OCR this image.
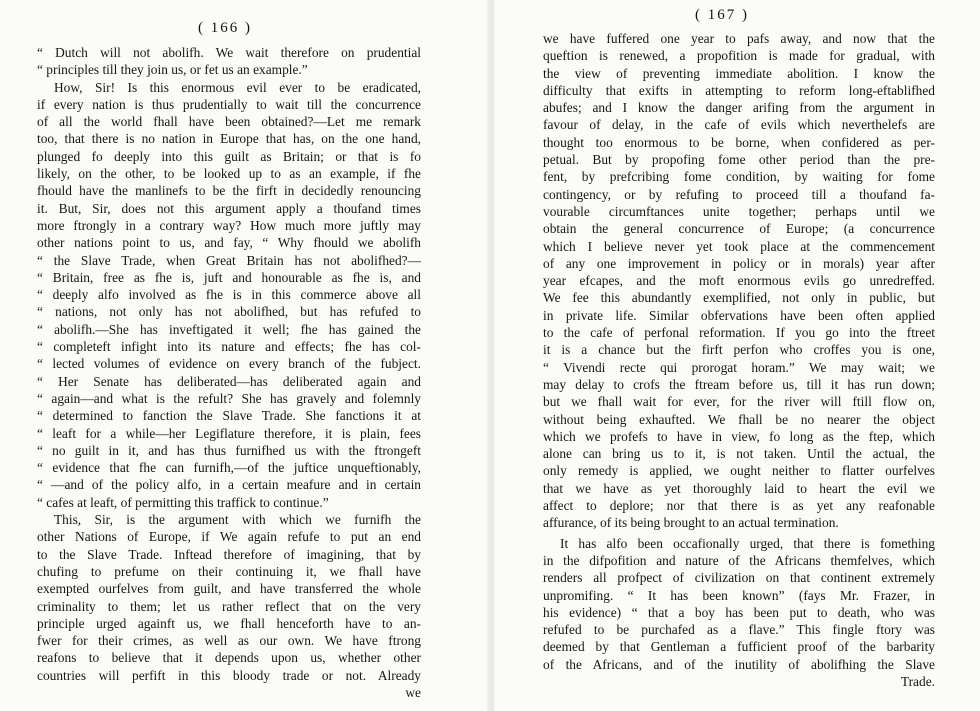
( 166 )
“ Dutch will not abolifh. We wait therefore on prudential
“ principles till they join us, or fet us an example.”
How, Sir! Is this enormous evil ever to be eradicated,
if every nation is thus prudentially to wait till the concurrence
of all the world fhall have been obtained?—Let me remark
too, that there is no nation in Europe that has, on the one hand,
plunged fo deeply into this guilt as Britain; or that is fo
likely, on the other, to be looked up to as an example, if fhe
fhould have the manlinefs to be the firft in decidedly renouncing
it. But, Sir, does not this argument apply a thoufand times
more ftrongly in a contrary way? How much more juftly may
other nations point to us, and fay, “ Why fhould we abolifh
“ the Slave Trade, when Great Britain has not abolifhed?—
“ Britain, free as fhe is, juft and honourable as fhe is, and
“ deeply alfo involved as fhe is in this commerce above all
“ nations, not only has not abolifhed, but has refufed to
“ abolifh.—She has inveftigated it well; fhe has gained the
“ completeft infight into its nature and effects; fhe has col-
“ lected volumes of evidence on every branch of the fubject.
“ Her Senate has deliberated—has deliberated again and
“ again—and what is the refult? She has gravely and folemnly
“ determined to fanction the Slave Trade. She fanctions it at
“ leaft for a while—her Legiflature therefore, it is plain, fees
“ no guilt in it, and has thus furnifhed us with the ftrongeft
“ evidence that fhe can furnifh,—of the juftice unqueftionably,
“ —and of the policy alfo, in a certain meafure and in certain
“ cafes at leaft, of permitting this traffick to continue.”
This, Sir, is the argument with which we furnifh the
other Nations of Europe, if We again refufe to put an end
to the Slave Trade. Inftead therefore of imagining, that by
chufing to prefume on their continuing it, we fhall have
exempted ourfelves from guilt, and have transferred the whole
criminality to them; let us rather reflect that on the very
principle urged againft us, we fhall henceforth have to an-
fwer for their crimes, as well as our own. We have ftrong
reafons to believe that it depends upon us, whether other
countries will perfift in this bloody trade or not. Already
we
( 167 )
we have fuffered one year to pafs away, and now that the
queftion is renewed, a propofition is made for gradual, with
the view of preventing immediate abolition. I know the
difficulty that exifts in attempting to reform long-eftablifhed
abufes; and I know the danger arifing from the argument in
favour of delay, in the cafe of evils which neverthelefs are
thought too enormous to be borne, when confidered as per-
petual. But by propofing fome other period than the pre-
fent, by prefcribing fome condition, by waiting for fome
contingency, or by refufing to proceed till a thoufand fa-
vourable circumftances unite together; perhaps until we
obtain the general concurrence of Europe; (a concurrence
which I believe never yet took place at the commencement
of any one improvement in policy or in morals) year after
year efcapes, and the moft enormous evils go unredreffed.
We fee this abundantly exemplified, not only in public, but
in private life. Similar obfervations have been often applied
to the cafe of perfonal reformation. If you go into the ftreet
it is a chance but the firft perfon who croffes you is one,
“ Vivendi recte qui prorogat horam.” We may wait; we
may delay to crofs the ftream before us, till it has run down;
but we fhall wait for ever, for the river will ftill flow on,
without being exhaufted. We fhall be no nearer the object
which we profefs to have in view, fo long as the ftep, which
alone can bring us to it, is not taken. Until the actual, the
only remedy is applied, we ought neither to flatter ourfelves
that we have as yet thoroughly laid to heart the evil we
affect to deplore; nor that there is as yet any reafonable
affurance, of its being brought to an actual termination.
It has alfo been occafionally urged, that there is fomething
in the difpofition and nature of the Africans themfelves, which
renders all profpect of civilization on that continent extremely
unpromifing. “ It has been known” (fays Mr. Frazer, in
his evidence) “ that a boy has been put to death, who was
refufed to be purchafed as a flave.” This fingle ftory was
deemed by that Gentleman a fufficient proof of the barbarity
of the Africans, and of the inutility of abolifhing the Slave
Trade.
